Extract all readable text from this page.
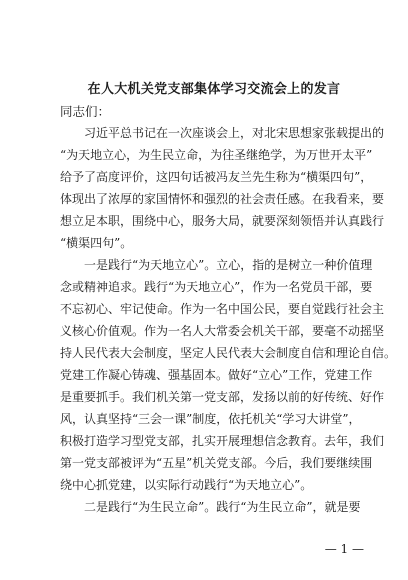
在人大机关党支部集体学习交流会上的发言
同志们：
习近平总书记在一次座谈会上，对北宋思想家张载提出的
“为天地立心，为生民立命，为往圣继绝学，为万世开太平”
给予了高度评价，这四句话被冯友兰先生称为“横渠四句”，
体现出了浓厚的家国情怀和强烈的社会责任感。在我看来，要
想立足本职，围绕中心，服务大局，就要深刻领悟并认真践行
“横渠四句”。
一是践行“为天地立心”。立心，指的是树立一种价值理
念或精神追求。践行“为天地立心”，作为一名党员干部，要
不忘初心、牢记使命。作为一名中国公民，要自觉践行社会主
义核心价值观。作为一名人大常委会机关干部，要毫不动摇坚
持人民代表大会制度，坚定人民代表大会制度自信和理论自信。
党建工作凝心铸魂、强基固本。做好“立心”工作，党建工作
是重要抓手。我们机关第一党支部，发扬以前的好传统、好作
风，认真坚持“三会一课”制度，依托机关“学习大讲堂”，
积极打造学习型党支部，扎实开展理想信念教育。去年，我们
第一党支部被评为“五星”机关党支部。今后，我们要继续围
绕中心抓党建，以实际行动践行“为天地立心”。
二是践行“为生民立命”。践行“为生民立命”，就是要
— 1 —
